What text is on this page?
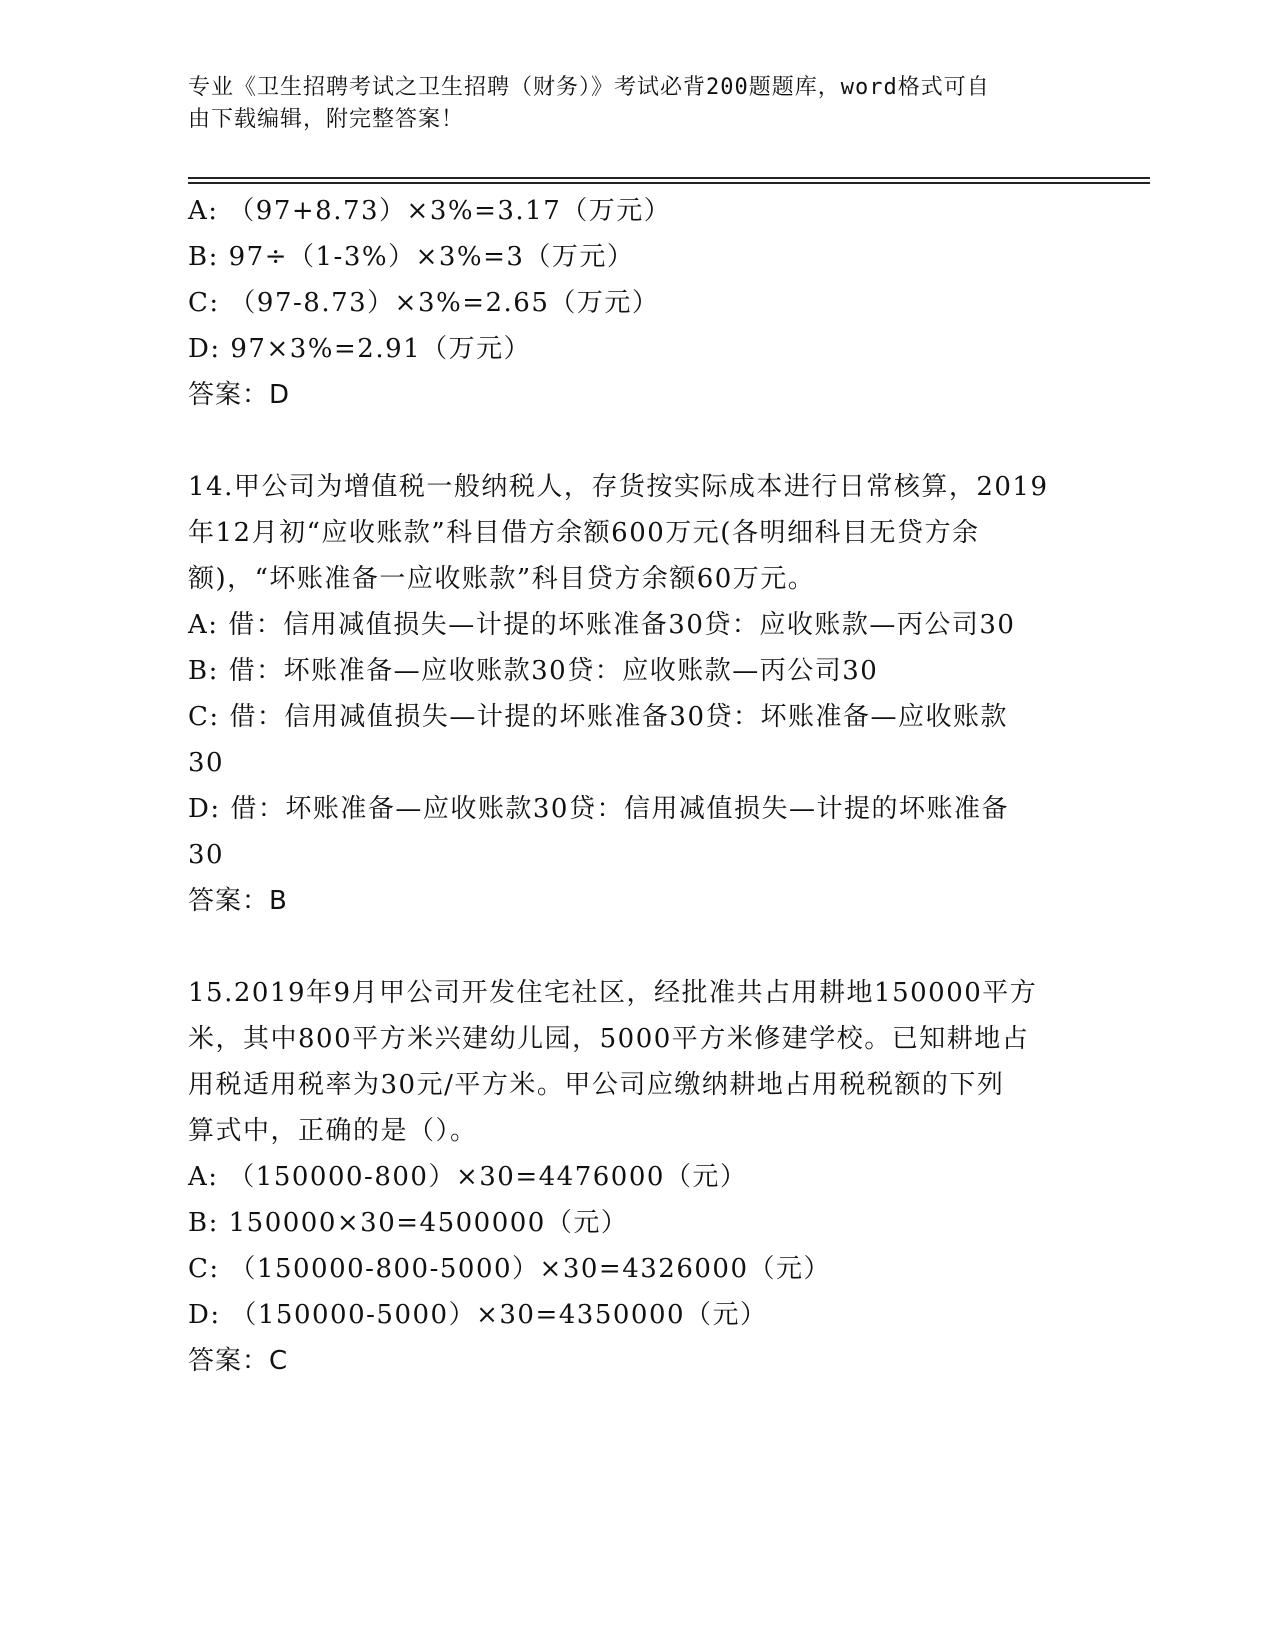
专业《卫生招聘考试之卫生招聘（财务）》考试必背200题题库，word格式可自
由下载编辑，附完整答案！
A: （97+8.73）×3%=3.17（万元）
B: 97÷（1-3%）×3%=3（万元）
C: （97-8.73）×3%=2.65（万元）
D: 97×3%=2.91（万元）
答案：D
14.甲公司为增值税一般纳税人，存货按实际成本进行日常核算，2019
年12月初“应收账款”科目借方余额600万元(各明细科目无贷方余
额)，“坏账准备一应收账款”科目贷方余额60万元。
A: 借：信用减值损失—计提的坏账准备30贷：应收账款—丙公司30
B: 借：坏账准备—应收账款30贷：应收账款—丙公司30
C: 借：信用减值损失—计提的坏账准备30贷：坏账准备—应收账款
30
D: 借：坏账准备—应收账款30贷：信用减值损失—计提的坏账准备
30
答案：B
15.2019年9月甲公司开发住宅社区，经批准共占用耕地150000平方
米，其中800平方米兴建幼儿园，5000平方米修建学校。已知耕地占
用税适用税率为30元/平方米。甲公司应缴纳耕地占用税税额的下列
算式中，正确的是（）。
A: （150000-800）×30=4476000（元）
B: 150000×30=4500000（元）
C: （150000-800-5000）×30=4326000（元）
D: （150000-5000）×30=4350000（元）
答案：C
